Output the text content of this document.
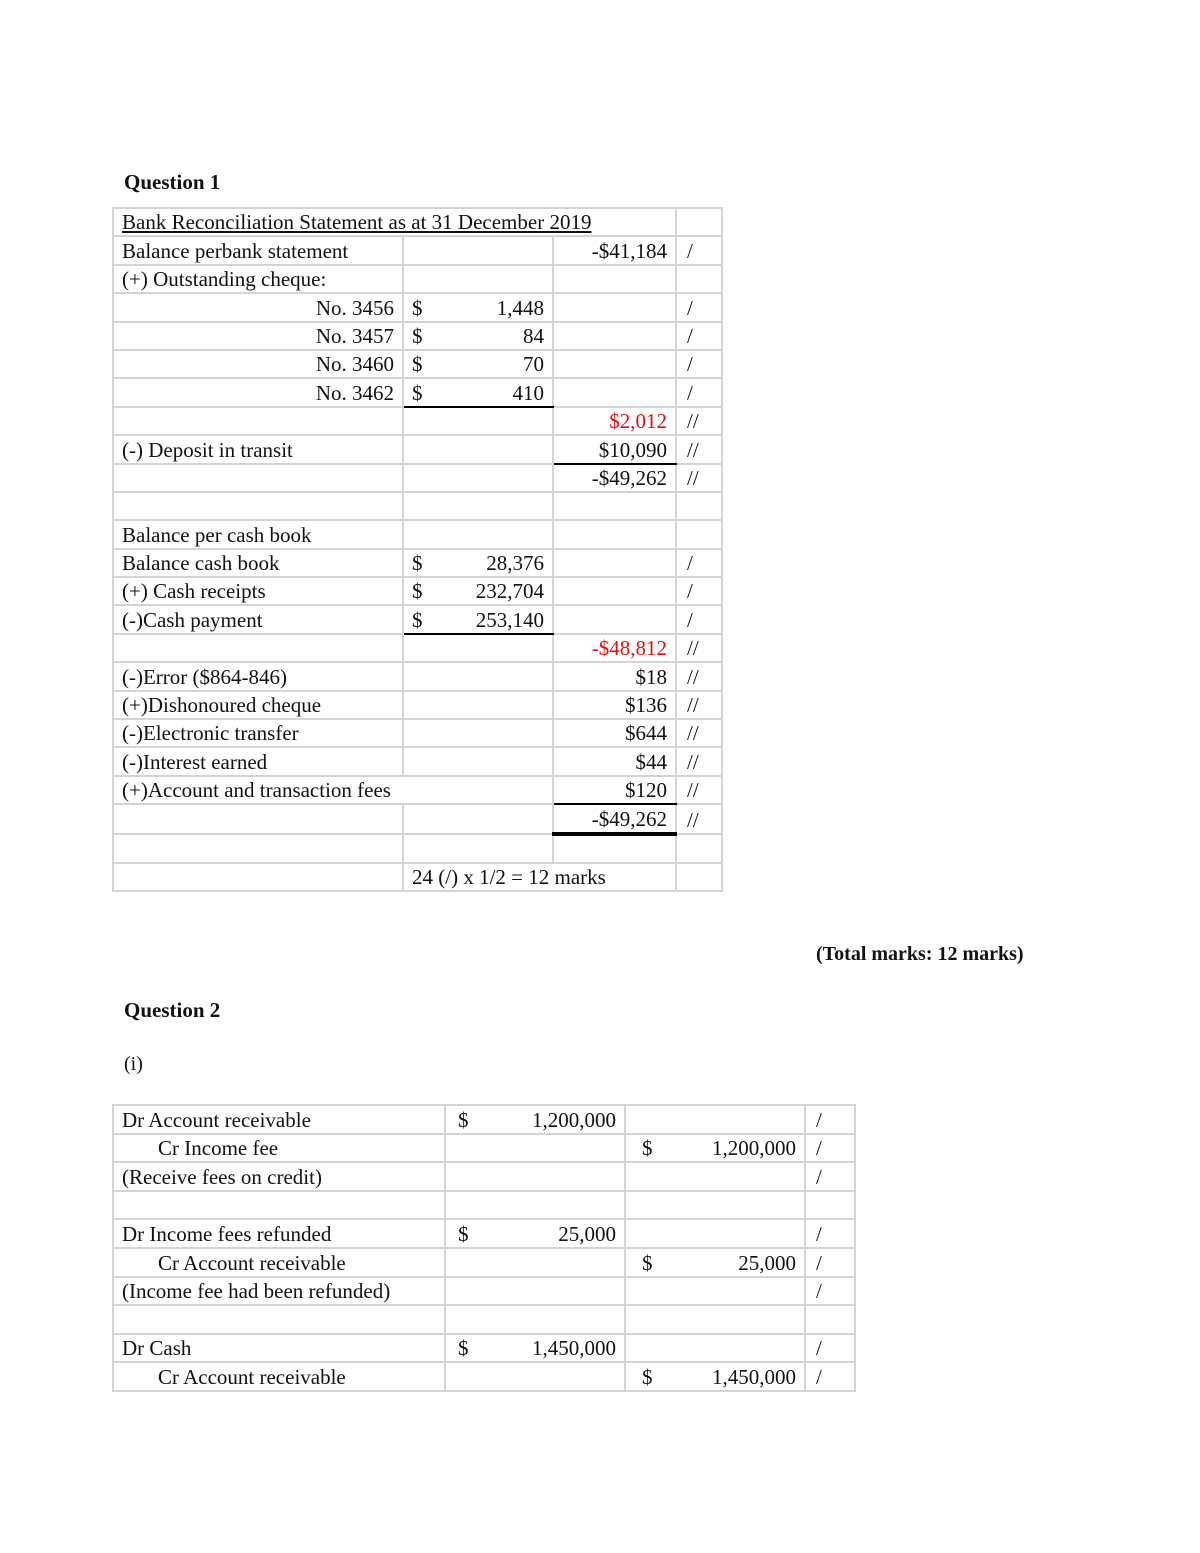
Question 1
Bank Reconciliation Statement as at 31 December 2019			
Balance perbank statement		-$41,184	/
(+) Outstanding cheque:			
No. 3456	$ 1,448		/
No. 3457	$ 84		/
No. 3460	$ 70		/
No. 3462	$ 410		/
		$2,012	//
(-) Deposit in transit		$10,090	//
		-$49,262	//

Balance per cash book			
Balance cash book	$ 28,376		/
(+) Cash receipts	$ 232,704		/
(-)Cash payment	$ 253,140		/
		-$48,812	//
(-)Error ($864-846)		$18	//
(+)Dishonoured cheque		$136	//
(-)Electronic transfer		$644	//
(-)Interest earned		$44	//
(+)Account and transaction fees		$120	//
		-$49,262	//

	24 (/) x 1/2 = 12 marks		
(Total marks: 12 marks)
Question 2
(i)
Dr Account receivable	$ 1,200,000		/
Cr Income fee		$ 1,200,000	/
(Receive fees on credit)			/

Dr Income fees refunded	$ 25,000		/
Cr Account receivable		$ 25,000	/
(Income fee had been refunded)			/

Dr Cash	$ 1,450,000		/
Cr Account receivable		$ 1,450,000	/
